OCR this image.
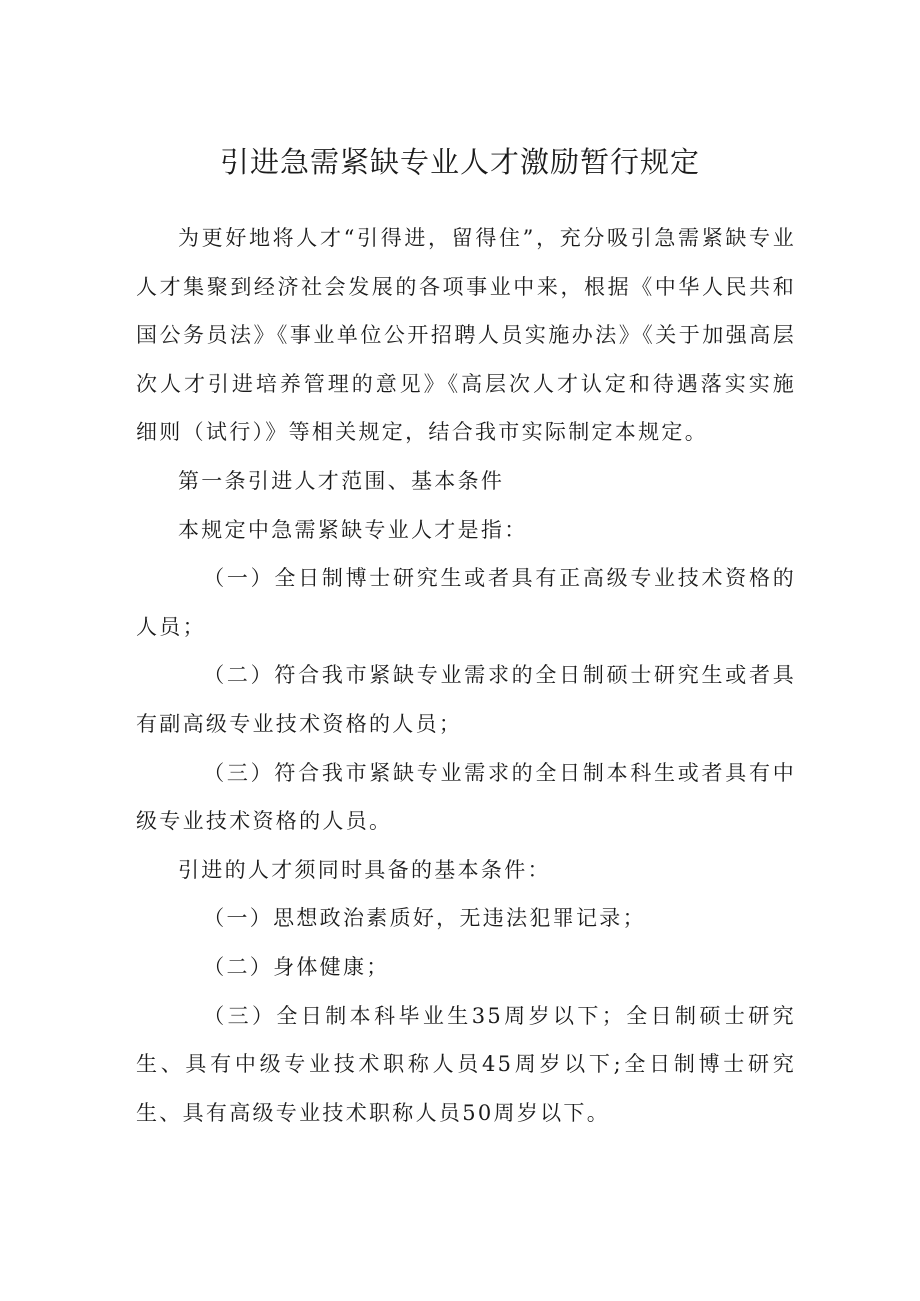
引进急需紧缺专业人才激励暂行规定

为更好地将人才“引得进，留得住”，充分吸引急需紧缺专业人才集聚到经济社会发展的各项事业中来，根据《中华人民共和国公务员法》《事业单位公开招聘人员实施办法》《关于加强高层次人才引进培养管理的意见》《高层次人才认定和待遇落实实施细则（试行）》等相关规定，结合我市实际制定本规定。

第一条引进人才范围、基本条件

本规定中急需紧缺专业人才是指：

（一）全日制博士研究生或者具有正高级专业技术资格的人员；

（二）符合我市紧缺专业需求的全日制硕士研究生或者具有副高级专业技术资格的人员；

（三）符合我市紧缺专业需求的全日制本科生或者具有中级专业技术资格的人员。

引进的人才须同时具备的基本条件：

（一）思想政治素质好，无违法犯罪记录；

（二）身体健康；

（三）全日制本科毕业生35周岁以下；全日制硕士研究生、具有中级专业技术职称人员45周岁以下;全日制博士研究生、具有高级专业技术职称人员50周岁以下。
